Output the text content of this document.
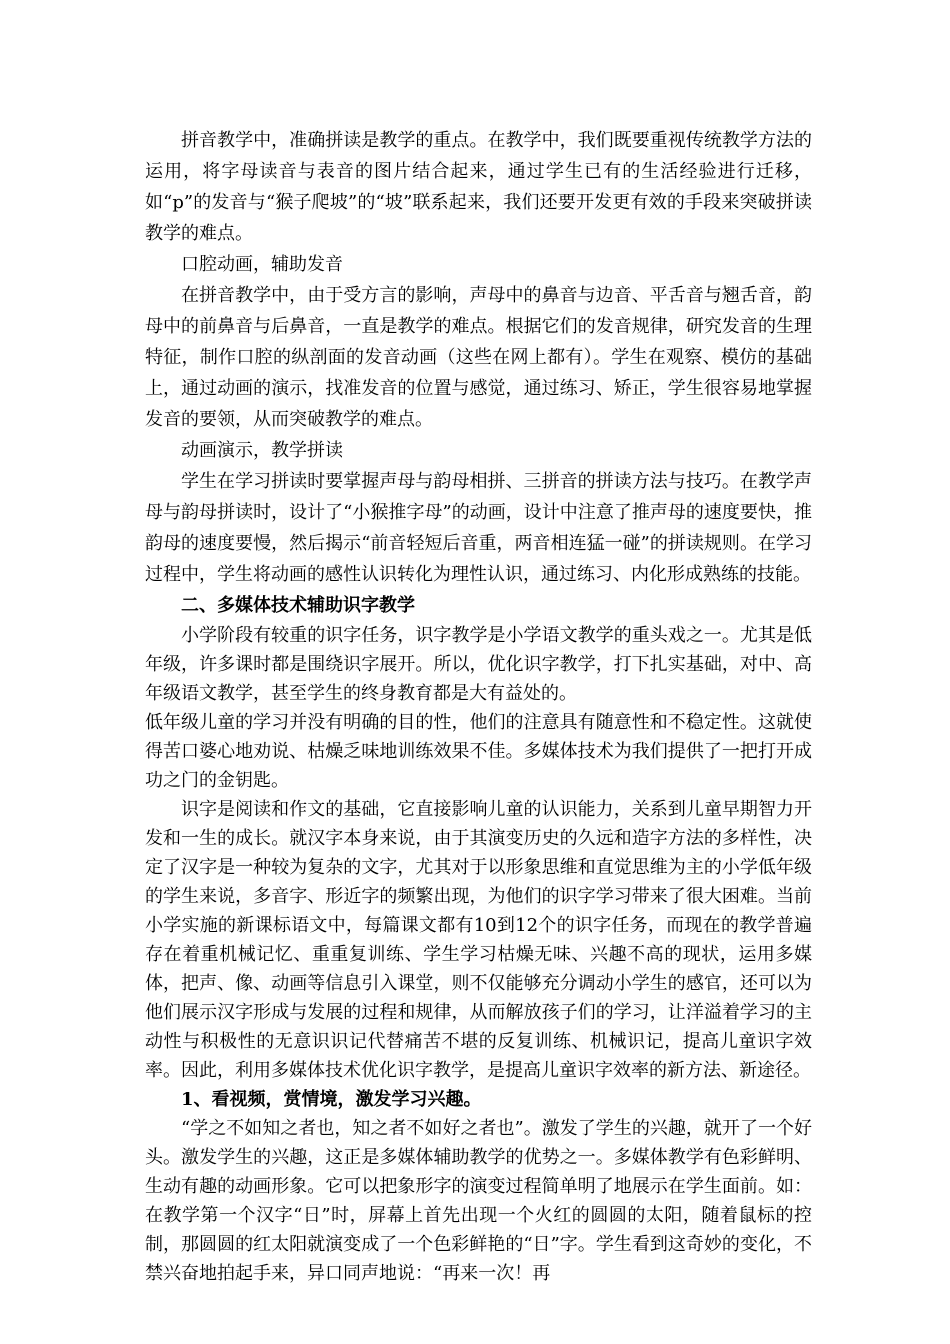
拼音教学中，准确拼读是教学的重点。在教学中，我们既要重视传统教学方法的运用，将字母读音与表音的图片结合起来，通过学生已有的生活经验进行迁移，如“p”的发音与“猴子爬坡”的“坡”联系起来，我们还要开发更有效的手段来突破拼读教学的难点。

口腔动画，辅助发音

在拼音教学中，由于受方言的影响，声母中的鼻音与边音、平舌音与翘舌音，韵母中的前鼻音与后鼻音，一直是教学的难点。根据它们的发音规律，研究发音的生理特征，制作口腔的纵剖面的发音动画（这些在网上都有）。学生在观察、模仿的基础上，通过动画的演示，找准发音的位置与感觉，通过练习、矫正，学生很容易地掌握发音的要领，从而突破教学的难点。

动画演示，教学拼读

学生在学习拼读时要掌握声母与韵母相拼、三拼音的拼读方法与技巧。在教学声母与韵母拼读时，设计了“小猴推字母”的动画，设计中注意了推声母的速度要快，推韵母的速度要慢，然后揭示“前音轻短后音重，两音相连猛一碰”的拼读规则。在学习过程中，学生将动画的感性认识转化为理性认识，通过练习、内化形成熟练的技能。

二、多媒体技术辅助识字教学

小学阶段有较重的识字任务，识字教学是小学语文教学的重头戏之一。尤其是低年级，许多课时都是围绕识字展开。所以，优化识字教学，打下扎实基础，对中、高年级语文教学，甚至学生的终身教育都是大有益处的。

低年级儿童的学习并没有明确的目的性，他们的注意具有随意性和不稳定性。这就使得苦口婆心地劝说、枯燥乏味地训练效果不佳。多媒体技术为我们提供了一把打开成功之门的金钥匙。

识字是阅读和作文的基础，它直接影响儿童的认识能力，关系到儿童早期智力开发和一生的成长。就汉字本身来说，由于其演变历史的久远和造字方法的多样性，决定了汉字是一种较为复杂的文字，尤其对于以形象思维和直觉思维为主的小学低年级的学生来说，多音字、形近字的频繁出现，为他们的识字学习带来了很大困难。当前小学实施的新课标语文中，每篇课文都有10到12个的识字任务，而现在的教学普遍存在着重机械记忆、重重复训练、学生学习枯燥无味、兴趣不高的现状，运用多媒体，把声、像、动画等信息引入课堂，则不仅能够充分调动小学生的感官，还可以为他们展示汉字形成与发展的过程和规律，从而解放孩子们的学习，让洋溢着学习的主动性与积极性的无意识识记代替痛苦不堪的反复训练、机械识记，提高儿童识字效率。因此，利用多媒体技术优化识字教学，是提高儿童识字效率的新方法、新途径。

1、看视频，赏情境，激发学习兴趣。

“学之不如知之者也，知之者不如好之者也”。激发了学生的兴趣，就开了一个好头。激发学生的兴趣，这正是多媒体辅助教学的优势之一。多媒体教学有色彩鲜明、生动有趣的动画形象。它可以把象形字的演变过程简单明了地展示在学生面前。如：在教学第一个汉字“日”时，屏幕上首先出现一个火红的圆圆的太阳，随着鼠标的控制，那圆圆的红太阳就演变成了一个色彩鲜艳的“日”字。学生看到这奇妙的变化，不禁兴奋地拍起手来，异口同声地说：“再来一次！再
